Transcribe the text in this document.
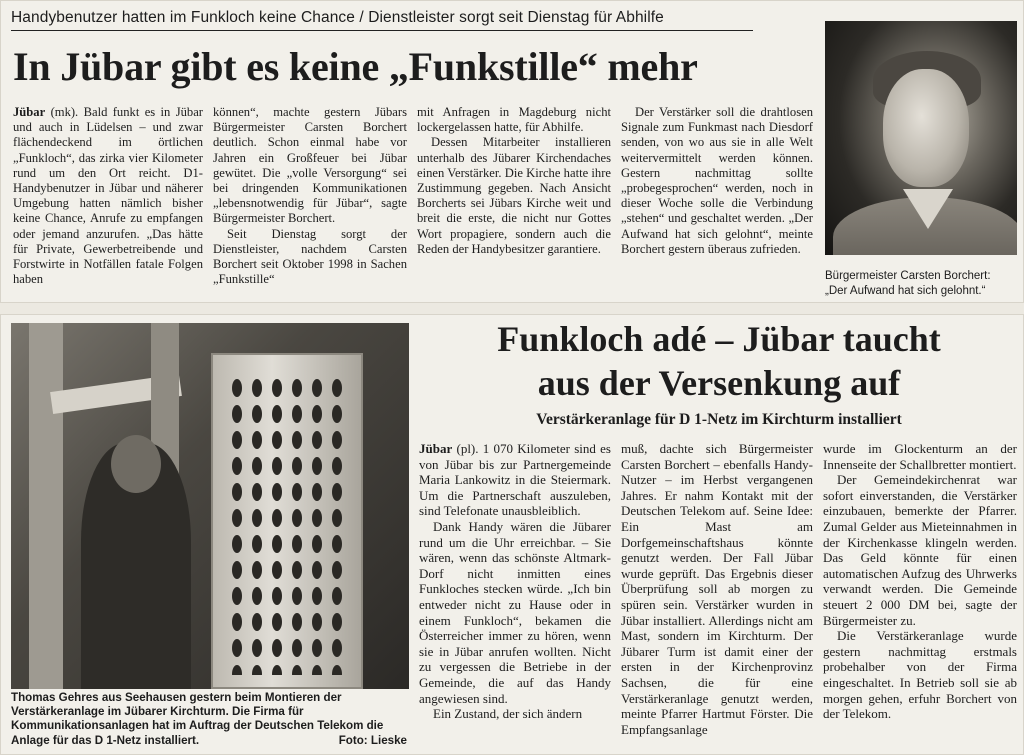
Handybenutzer hatten im Funkloch keine Chance / Dienstleister sorgt seit Dienstag für Abhilfe
In Jübar gibt es keine „Funkstille“ mehr

Jübar (mk). Bald funkt es in Jübar und auch in Lüdelsen – und zwar flächendeckend im örtlichen „Funkloch“, das zirka vier Kilometer rund um den Ort reicht. D1-Handybenutzer in Jübar und näherer Umgebung hatten nämlich bisher keine Chance, Anrufe zu empfangen oder jemand anzurufen. „Das hätte für Private, Gewerbetreibende und Forstwirte in Notfällen fatale Folgen haben

können“, machte gestern Jübars Bürgermeister Carsten Borchert deutlich. Schon einmal habe vor Jahren ein Großfeuer bei Jübar gewütet. Die „volle Versorgung“ sei bei dringenden Kommunikationen „lebensnotwendig für Jübar“, sagte Bürgermeister Borchert.

Seit Dienstag sorgt der Dienstleister, nachdem Carsten Borchert seit Oktober 1998 in Sachen „Funkstille“

mit Anfragen in Magdeburg nicht lockergelassen hatte, für Abhilfe.

Dessen Mitarbeiter installieren unterhalb des Jübarer Kirchendaches einen Verstärker. Die Kirche hatte ihre Zustimmung gegeben. Nach Ansicht Borcherts sei Jübars Kirche weit und breit die erste, die nicht nur Gottes Wort propagiere, sondern auch die Reden der Handybesitzer garantiere.

Der Verstärker soll die drahtlosen Signale zum Funkmast nach Diesdorf senden, von wo aus sie in alle Welt weitervermittelt werden können. Gestern nachmittag sollte „probegesprochen“ werden, noch in dieser Woche solle die Verbindung „stehen“ und geschaltet werden. „Der Aufwand hat sich gelohnt“, meinte Borchert gestern überaus zufrieden.

Bürgermeister Carsten Borchert:
„Der Aufwand hat sich gelohnt.“
Thomas Gehres aus Seehausen gestern beim Montieren der Verstärkeranlage im Jübarer Kirchturm. Die Firma für Kommunikationsanlagen hat im Auftrag der Deutschen Telekom die Anlage für das D 1-Netz installiert.	Foto: Lieske
Funkloch adé – Jübar taucht
aus der Versenkung auf
Verstärkeranlage für D 1-Netz im Kirchturm installiert

Jübar (pl). 1 070 Kilometer sind es von Jübar bis zur Partnergemeinde Maria Lankowitz in die Steiermark. Um die Partnerschaft auszuleben, sind Telefonate unausbleiblich.

Dank Handy wären die Jübarer rund um die Uhr erreichbar. – Sie wären, wenn das schönste Altmark-Dorf nicht inmitten eines Funkloches stecken würde. „Ich bin entweder nicht zu Hause oder in einem Funkloch“, bekamen die Österreicher immer zu hören, wenn sie in Jübar anrufen wollten. Nicht zu vergessen die Betriebe in der Gemeinde, die auf das Handy angewiesen sind.

Ein Zustand, der sich ändern

muß, dachte sich Bürgermeister Carsten Borchert – ebenfalls Handy-Nutzer – im Herbst vergangenen Jahres. Er nahm Kontakt mit der Deutschen Telekom auf. Seine Idee: Ein Mast am Dorfgemeinschaftshaus könnte genutzt werden. Der Fall Jübar wurde geprüft. Das Ergebnis dieser Überprüfung soll ab morgen zu spüren sein. Verstärker wurden in Jübar installiert. Allerdings nicht am Mast, sondern im Kirchturm. Der Jübarer Turm ist damit einer der ersten in der Kirchenprovinz Sachsen, die für eine Verstärkeranlage genutzt werden, meinte Pfarrer Hartmut Förster. Die Empfangsanlage

wurde im Glockenturm an der Innenseite der Schallbretter montiert.

Der Gemeindekirchenrat war sofort einverstanden, die Verstärker einzubauen, bemerkte der Pfarrer. Zumal Gelder aus Mieteinnahmen in der Kirchenkasse klingeln werden. Das Geld könnte für einen automatischen Aufzug des Uhrwerks verwandt werden. Die Gemeinde steuert 2 000 DM bei, sagte der Bürgermeister zu.

Die Verstärkeranlage wurde gestern nachmittag erstmals probehalber von der Firma eingeschaltet. In Betrieb soll sie ab morgen gehen, erfuhr Borchert von der Telekom.
